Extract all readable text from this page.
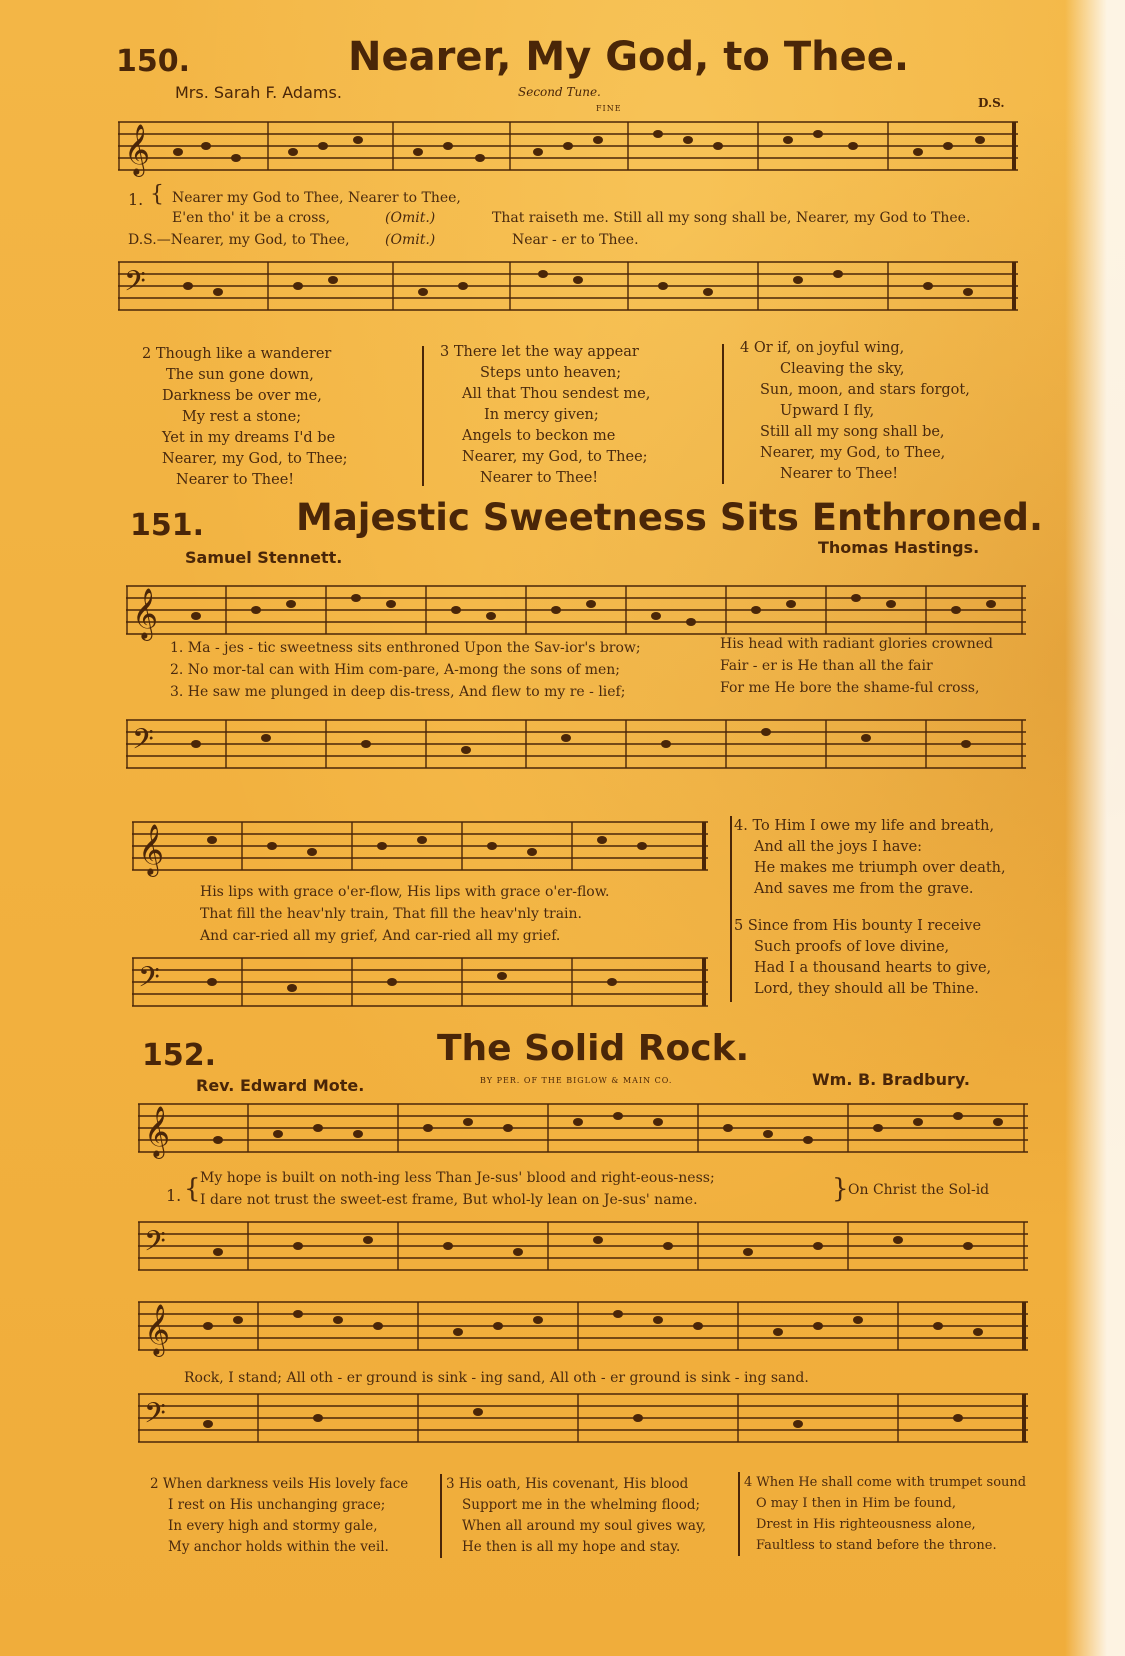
150.	Nearer, My God, to Thee.
Mrs. Sarah F. Adams.	Second Tune.
FINE	D.S.
𝄞
1. { Nearer my God to Thee, Nearer to Thee,
E'en tho' it be a cross,	(Omit.)	That raiseth me. Still all my song shall be, Nearer, my God to Thee.
D.S.—Nearer, my God, to Thee,	(Omit.)	Near - er to Thee.
𝄢
2 Though like a wanderer
The sun gone down,
Darkness be over me,
My rest a stone;
Yet in my dreams I'd be
Nearer, my God, to Thee;
Nearer to Thee!
3 There let the way appear
Steps unto heaven;
All that Thou sendest me,
In mercy given;
Angels to beckon me
Nearer, my God, to Thee;
Nearer to Thee!
4 Or if, on joyful wing,
Cleaving the sky,
Sun, moon, and stars forgot,
Upward I fly,
Still all my song shall be,
Nearer, my God, to Thee,
Nearer to Thee!
151. Majestic Sweetness Sits Enthroned.
Samuel Stennett.
Thomas Hastings.
𝄞
1. Ma - jes - tic sweetness sits enthroned Upon the Sav-ior's brow;
2. No mor-tal can with Him com-pare, A-mong the sons of men;
3. He saw me plunged in deep dis-tress, And flew to my re - lief;
His head with radiant glories crowned
Fair - er is He than all the fair
For me He bore the shame-ful cross,
𝄢
𝄞
His lips with grace o'er-flow, His lips with grace o'er-flow.
That fill the heav'nly train, That fill the heav'nly train.
And car-ried all my grief, And car-ried all my grief.
𝄢
4. To Him I owe my life and breath,
And all the joys I have:
He makes me triumph over death,
And saves me from the grave.
5 Since from His bounty I receive
Such proofs of love divine,
Had I a thousand hearts to give,
Lord, they should all be Thine.
152.	The Solid Rock.
Rev. Edward Mote.	BY PER. OF THE BIGLOW & MAIN CO.	Wm. B. Bradbury.
𝄞
1. { My hope is built on noth-ing less Than Je-sus' blood and right-eous-ness;
I dare not trust the sweet-est frame, But whol-ly lean on Je-sus' name.	} On Christ the Sol-id
𝄢
𝄞
Rock, I stand; All oth - er ground is sink - ing sand, All oth - er ground is sink - ing sand.
𝄢
2 When darkness veils His lovely face
I rest on His unchanging grace;
In every high and stormy gale,
My anchor holds within the veil.
3 His oath, His covenant, His blood
Support me in the whelming flood;
When all around my soul gives way,
He then is all my hope and stay.
4 When He shall come with trumpet sound
O may I then in Him be found,
Drest in His righteousness alone,
Faultless to stand before the throne.
